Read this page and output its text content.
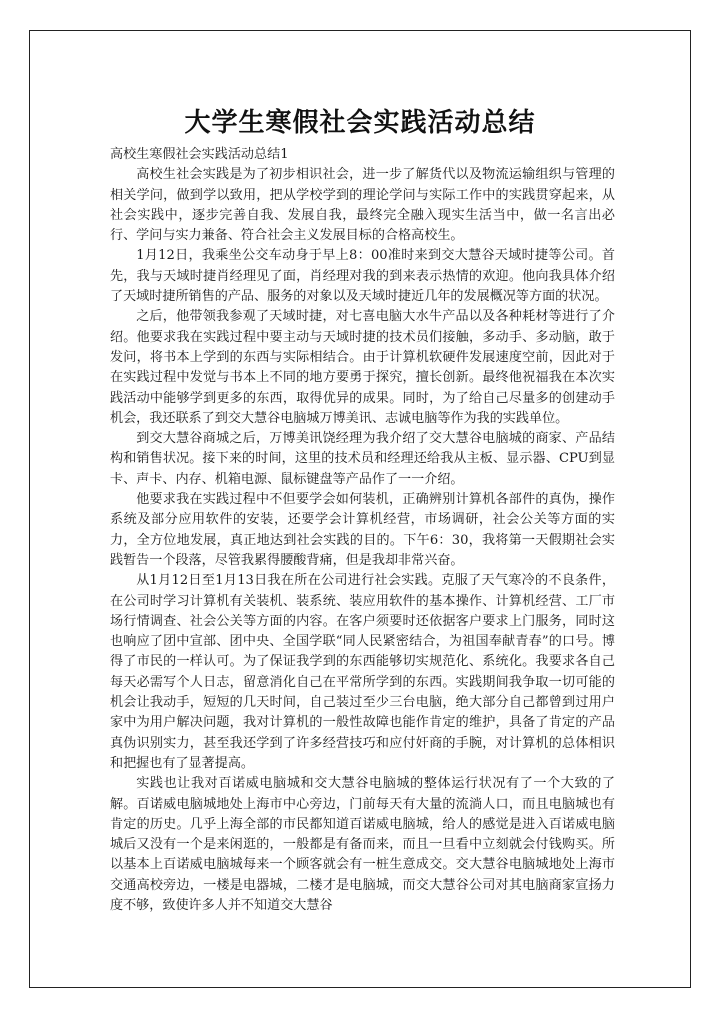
大学生寒假社会实践活动总结

高校生寒假社会实践活动总结1

高校生社会实践是为了初步相识社会，进一步了解货代以及物流运输组织与管理的相关学问，做到学以致用，把从学校学到的理论学问与实际工作中的实践贯穿起来，从社会实践中，逐步完善自我、发展自我，最终完全融入现实生活当中，做一名言出必行、学问与实力兼备、符合社会主义发展目标的合格高校生。

1月12日，我乘坐公交车动身于早上8：00准时来到交大慧谷天域时捷等公司。首先，我与天域时捷肖经理见了面，肖经理对我的到来表示热情的欢迎。他向我具体介绍了天域时捷所销售的产品、服务的对象以及天域时捷近几年的发展概况等方面的状况。

之后，他带领我参观了天域时捷，对七喜电脑大水牛产品以及各种耗材等进行了介绍。他要求我在实践过程中要主动与天域时捷的技术员们接触，多动手、多动脑，敢于发问，将书本上学到的东西与实际相结合。由于计算机软硬件发展速度空前，因此对于在实践过程中发觉与书本上不同的地方要勇于探究，擅长创新。最终他祝福我在本次实践活动中能够学到更多的东西，取得优异的成果。同时，为了给自己尽量多的创建动手机会，我还联系了到交大慧谷电脑城万博美讯、志诚电脑等作为我的实践单位。

到交大慧谷商城之后，万博美讯饶经理为我介绍了交大慧谷电脑城的商家、产品结构和销售状况。接下来的时间，这里的技术员和经理还给我从主板、显示器、CPU到显卡、声卡、内存、机箱电源、鼠标键盘等产品作了一一介绍。

他要求我在实践过程中不但要学会如何装机，正确辨别计算机各部件的真伪，操作系统及部分应用软件的安装，还要学会计算机经营，市场调研，社会公关等方面的实力，全方位地发展，真正地达到社会实践的目的。下午6：30，我将第一天假期社会实践暂告一个段落，尽管我累得腰酸背痛，但是我却非常兴奋。

从1月12日至1月13日我在所在公司进行社会实践。克服了天气寒冷的不良条件，在公司时学习计算机有关装机、装系统、装应用软件的基本操作、计算机经营、工厂市场行情调查、社会公关等方面的内容。在客户须要时还依据客户要求上门服务，同时这也响应了团中宣部、团中央、全国学联“同人民紧密结合，为祖国奉献青春”的口号。博得了市民的一样认可。为了保证我学到的东西能够切实规范化、系统化。我要求各自己每天必需写个人日志，留意消化自己在平常所学到的东西。实践期间我争取一切可能的机会让我动手，短短的几天时间，自己装过至少三台电脑，绝大部分自己都曾到过用户家中为用户解决问题，我对计算机的一般性故障也能作肯定的维护，具备了肯定的产品真伪识别实力，甚至我还学到了许多经营技巧和应付奸商的手腕，对计算机的总体相识和把握也有了显著提高。

实践也让我对百诺威电脑城和交大慧谷电脑城的整体运行状况有了一个大致的了解。百诺威电脑城地处上海市中心旁边，门前每天有大量的流淌人口，而且电脑城也有肯定的历史。几乎上海全部的市民都知道百诺威电脑城，给人的感觉是进入百诺威电脑城后又没有一个是来闲逛的，一般都是有备而来，而且一旦看中立刻就会付钱购买。所以基本上百诺威电脑城每来一个顾客就会有一桩生意成交。交大慧谷电脑城地处上海市交通高校旁边，一楼是电器城，二楼才是电脑城，而交大慧谷公司对其电脑商家宣扬力度不够，致使许多人并不知道交大慧谷
